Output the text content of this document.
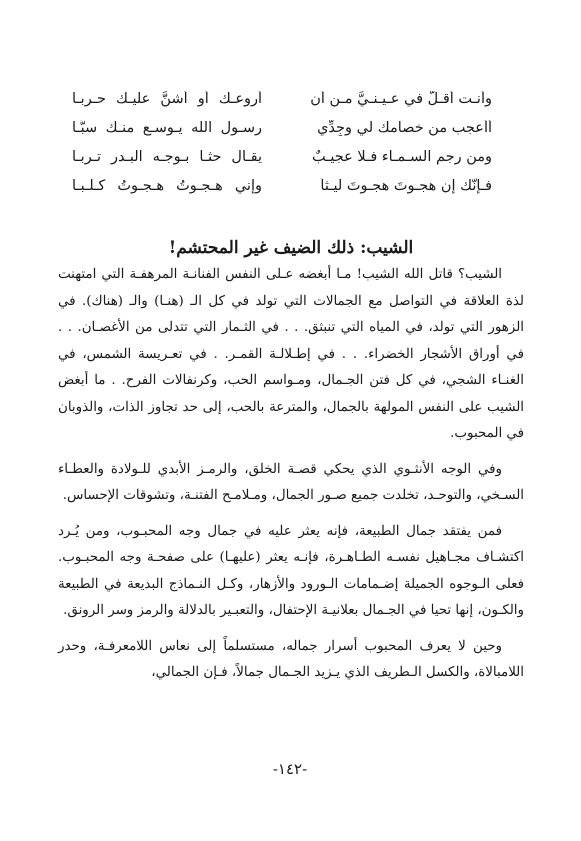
وأنـت أقـلُّ في عـيـنـيَّ مـن أن
أروعـك أو أشنَّ عليـك حـربـا
أأعجب من خصامك لي وجِدِّي
رسـول الله يـوسـع منـك سبًّـا
ومن رجم السـمـاء فـلا عجيـبٌ
يقـال حثـا بـوجـه البـدر تـربـا
فـإنَّك إن هجـوتَ هجـوتَ ليـثاً
وإني هـجـوتُ هـجـوتُ كـلـبـا
الشيب: ذلك الضيف غير المحتشم!

الشيب؟ قاتل الله الشيب! مـا أبغضه عـلى النفس الفنانـة المرهفـة التي امتهنت لذة العلاقة في التواصل مع الجمالات التي تولد في كل الـ (هنـا) والـ (هناك). في الزهور التي تولد، في المياه التي تنبثق. . . في الثـمار التي تتدلى من الأغصـان. . . في أوراق الأشجار الخضراء. . . في إطـلالـة القمـر. . في تعـريسة الشمس، في الغنـاء الشجي، في كل فتن الجـمال، ومـواسم الحب، وكرنفالات الفرح. . ما أبغض الشيب على النفس المولهة بالجمال، والمترعة بالحب، إلى حد تجاوز الذات، والذوبان في المحبوب.

وفي الوجه الأنثـوي الذي يحكي قصـة الخلق، والرمـز الأبدي للـولادة والعطـاء السـخي، والتوحـد، تخلدت جميع صـور الجمال، ومـلامـح الفتنـة، وتشوقات الإحساس.

فمن يفتقد جمال الطبيعة، فإنه يعثر عليه في جمال وجه المحبـوب، ومن يُـرد اكتشـاف مجـاهيل نفسـه الطـاهـرة، فإنـه يعثر (عليهـا) على صفحـة وجه المحبـوب. فعلى الـوجوه الجميلة إضـمامات الـورود والأزهار، وكـل النـماذج البديعة في الطبيعة والكـون، إنها تحيا في الجـمال بعلانيـة الإحتفال، والتعبـير بالدلالة والرمز وسر الرونق.

وحين لا يعرف المحبوب أسرار جماله، مستسلماً إلى نعاس اللامعرفـة، وحدر اللامبالاة، والكسل الـطريف الذي يـزيد الجـمال جمالاً، فـإن الجمالي،

-١٤٢-
